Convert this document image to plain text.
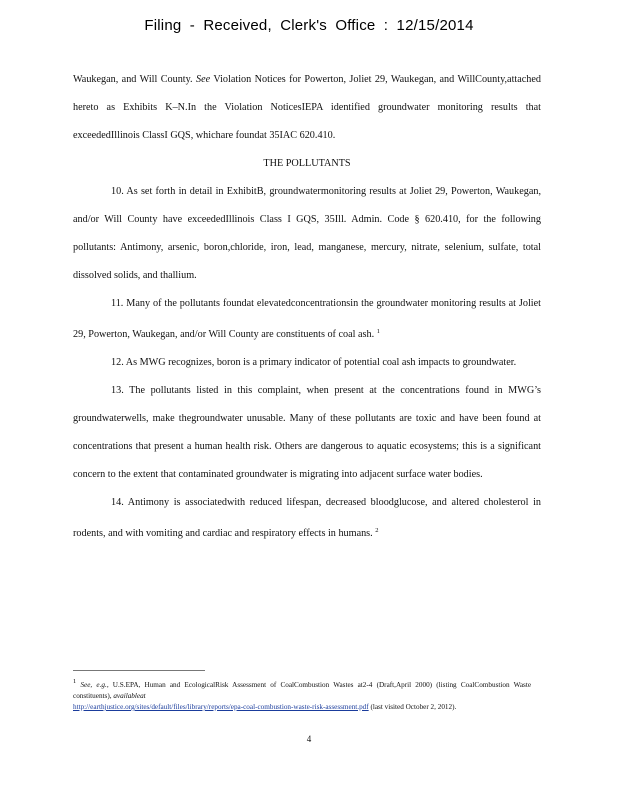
Filing - Received, Clerk's Office : 12/15/2014

Waukegan, and Will County. See Violation Notices for Powerton, Joliet 29, Waukegan, and WillCounty,attached hereto as Exhibits K–N.In the Violation NoticesIEPA identified groundwater monitoring results that exceededIllinois ClassI GQS, whichare foundat 35IAC 620.410.

THE POLLUTANTS

10. As set forth in detail in ExhibitB, groundwatermonitoring results at Joliet 29, Powerton, Waukegan, and/or Will County have exceededIllinois Class I GQS, 35Ill. Admin. Code § 620.410, for the following pollutants: Antimony, arsenic, boron,chloride, iron, lead, manganese, mercury, nitrate, selenium, sulfate, total dissolved solids, and thallium.

11. Many of the pollutants foundat elevatedconcentrationsin the groundwater monitoring results at Joliet 29, Powerton, Waukegan, and/or Will County are constituents of coal ash. $^1$

12. As MWG recognizes, boron is a primary indicator of potential coal ash impacts to groundwater.

13. The pollutants listed in this complaint, when present at the concentrations found in MWG’s groundwaterwells, make thegroundwater unusable. Many of these pollutants are toxic and have been found at concentrations that present a human health risk. Others are dangerous to aquatic ecosystems; this is a significant concern to the extent that contaminated groundwater is migrating into adjacent surface water bodies.

14. Antimony is associatedwith reduced lifespan, decreased bloodglucose, and altered cholesterol in rodents, and with vomiting and cardiac and respiratory effects in humans. $^2$

1 See, e.g., U.S.EPA, Human and EcologicalRisk Assessment of CoalCombustion Wastes at2-4 (Draft,April 2000) (listing CoalCombustion Waste constituents), availableat
http://earthjustice.org/sites/default/files/library/reports/epa-coal-combustion-waste-risk-assessment.pdf (last visited October 2, 2012).
4
